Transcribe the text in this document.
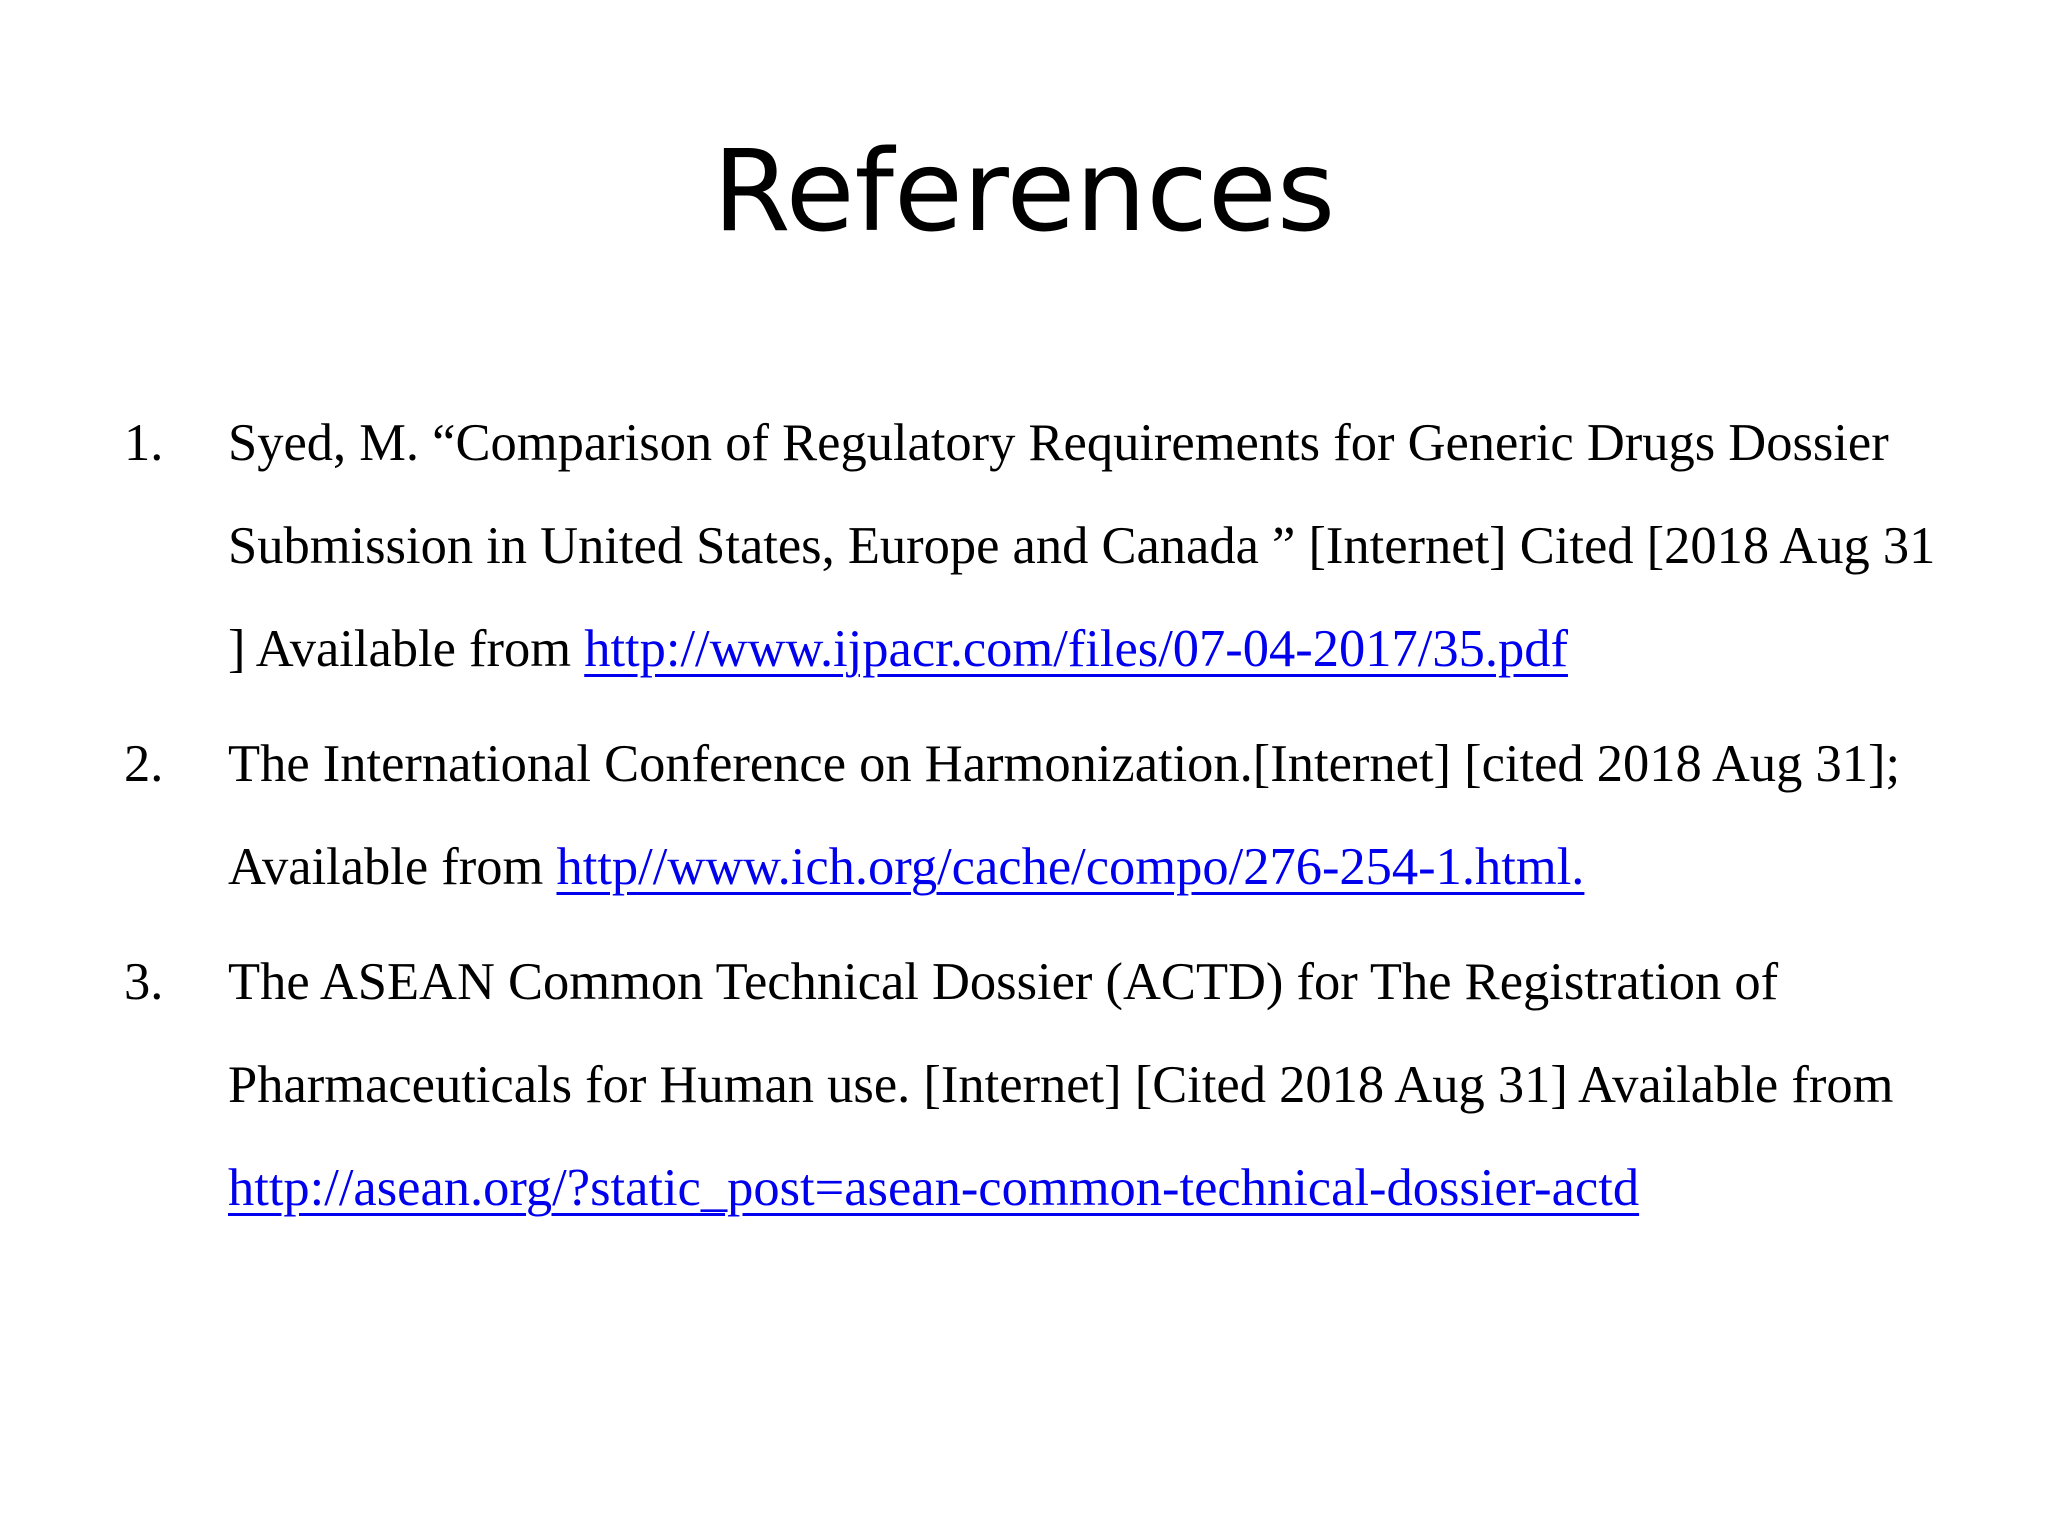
References
1.	Syed, M. “Comparison of Regulatory Requirements for Generic Drugs Dossier Submission in United States, Europe and Canada ” [Internet] Cited [2018 Aug 31 ] Available from http://www.ijpacr.com/files/07-04-2017/35.pdf
2.	The International Conference on Harmonization.[Internet] [cited 2018 Aug 31]; Available from http//www.ich.org/cache/compo/276-254-1.html.
3.	The ASEAN Common Technical Dossier (ACTD) for The Registration of Pharmaceuticals for Human use. [Internet] [Cited 2018 Aug 31] Available from http://asean.org/?static_post=asean-common-technical-dossier-actd
